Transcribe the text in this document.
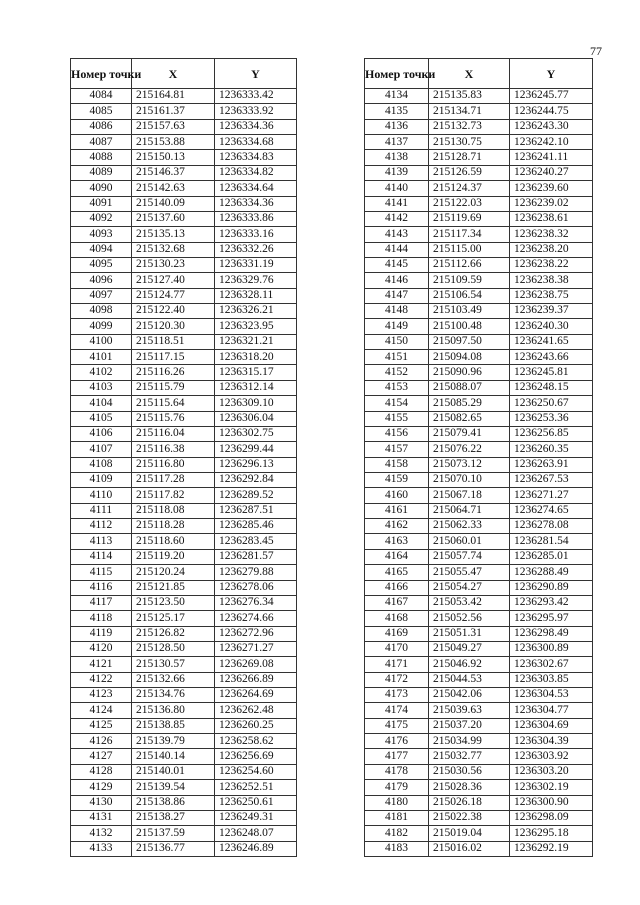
77
Номер точки	X	Y
4084	215164.81	1236333.42
4085	215161.37	1236333.92
4086	215157.63	1236334.36
4087	215153.88	1236334.68
4088	215150.13	1236334.83
4089	215146.37	1236334.82
4090	215142.63	1236334.64
4091	215140.09	1236334.36
4092	215137.60	1236333.86
4093	215135.13	1236333.16
4094	215132.68	1236332.26
4095	215130.23	1236331.19
4096	215127.40	1236329.76
4097	215124.77	1236328.11
4098	215122.40	1236326.21
4099	215120.30	1236323.95
4100	215118.51	1236321.21
4101	215117.15	1236318.20
4102	215116.26	1236315.17
4103	215115.79	1236312.14
4104	215115.64	1236309.10
4105	215115.76	1236306.04
4106	215116.04	1236302.75
4107	215116.38	1236299.44
4108	215116.80	1236296.13
4109	215117.28	1236292.84
4110	215117.82	1236289.52
4111	215118.08	1236287.51
4112	215118.28	1236285.46
4113	215118.60	1236283.45
4114	215119.20	1236281.57
4115	215120.24	1236279.88
4116	215121.85	1236278.06
4117	215123.50	1236276.34
4118	215125.17	1236274.66
4119	215126.82	1236272.96
4120	215128.50	1236271.27
4121	215130.57	1236269.08
4122	215132.66	1236266.89
4123	215134.76	1236264.69
4124	215136.80	1236262.48
4125	215138.85	1236260.25
4126	215139.79	1236258.62
4127	215140.14	1236256.69
4128	215140.01	1236254.60
4129	215139.54	1236252.51
4130	215138.86	1236250.61
4131	215138.27	1236249.31
4132	215137.59	1236248.07
4133	215136.77	1236246.89
Номер точки	X	Y
4134	215135.83	1236245.77
4135	215134.71	1236244.75
4136	215132.73	1236243.30
4137	215130.75	1236242.10
4138	215128.71	1236241.11
4139	215126.59	1236240.27
4140	215124.37	1236239.60
4141	215122.03	1236239.02
4142	215119.69	1236238.61
4143	215117.34	1236238.32
4144	215115.00	1236238.20
4145	215112.66	1236238.22
4146	215109.59	1236238.38
4147	215106.54	1236238.75
4148	215103.49	1236239.37
4149	215100.48	1236240.30
4150	215097.50	1236241.65
4151	215094.08	1236243.66
4152	215090.96	1236245.81
4153	215088.07	1236248.15
4154	215085.29	1236250.67
4155	215082.65	1236253.36
4156	215079.41	1236256.85
4157	215076.22	1236260.35
4158	215073.12	1236263.91
4159	215070.10	1236267.53
4160	215067.18	1236271.27
4161	215064.71	1236274.65
4162	215062.33	1236278.08
4163	215060.01	1236281.54
4164	215057.74	1236285.01
4165	215055.47	1236288.49
4166	215054.27	1236290.89
4167	215053.42	1236293.42
4168	215052.56	1236295.97
4169	215051.31	1236298.49
4170	215049.27	1236300.89
4171	215046.92	1236302.67
4172	215044.53	1236303.85
4173	215042.06	1236304.53
4174	215039.63	1236304.77
4175	215037.20	1236304.69
4176	215034.99	1236304.39
4177	215032.77	1236303.92
4178	215030.56	1236303.20
4179	215028.36	1236302.19
4180	215026.18	1236300.90
4181	215022.38	1236298.09
4182	215019.04	1236295.18
4183	215016.02	1236292.19
